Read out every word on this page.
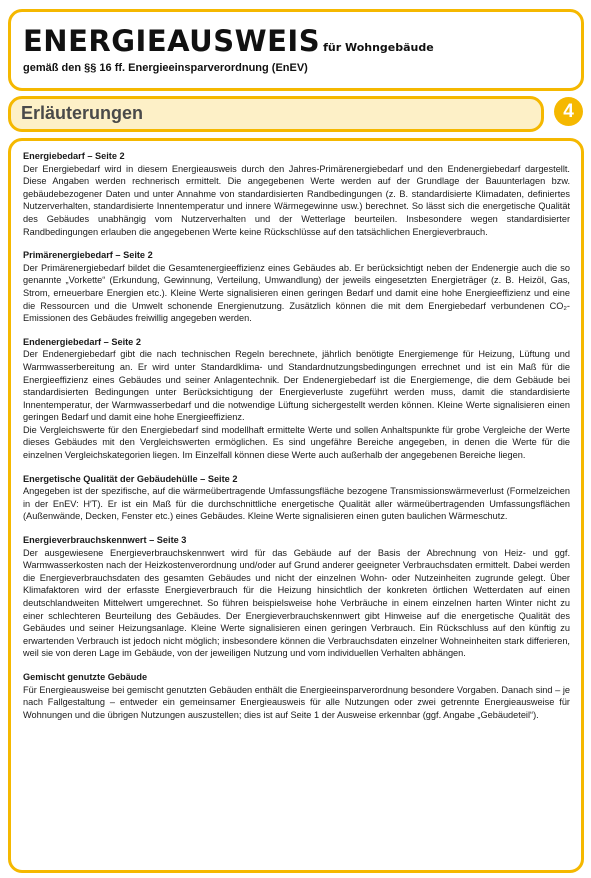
ENERGIEAUSWEIS für Wohngebäude
gemäß den §§ 16 ff. Energieeinsparverordnung (EnEV)
Erläuterungen	4
Energiebedarf – Seite 2

Der Energiebedarf wird in diesem Energieausweis durch den Jahres-Primärenergiebedarf und den Endenergiebedarf dargestellt. Diese Angaben werden rechnerisch ermittelt. Die angegebenen Werte werden auf der Grundlage der Bauunterlagen bzw. gebäudebezogener Daten und unter Annahme von standardisierten Randbedingungen (z. B. standardisierte Klimadaten, definiertes Nutzerverhalten, standardisierte Innentemperatur und innere Wärmegewinne usw.) berechnet. So lässt sich die energetische Qualität des Gebäudes unabhängig vom Nutzerverhalten und der Wetterlage beurteilen. Insbesondere wegen standardisierter Randbedingungen erlauben die angegebenen Werte keine Rückschlüsse auf den tatsächlichen Energieverbrauch.

Primärenergiebedarf – Seite 2

Der Primärenergiebedarf bildet die Gesamtenergieeffizienz eines Gebäudes ab. Er berücksichtigt neben der Endenergie auch die so genannte „Vorkette“ (Erkundung, Gewinnung, Verteilung, Umwandlung) der jeweils eingesetzten Energieträger (z. B. Heizöl, Gas, Strom, erneuerbare Energien etc.). Kleine Werte signalisieren einen geringen Bedarf und damit eine hohe Energieeffizienz und eine die Ressourcen und die Umwelt schonende Energienutzung. Zusätzlich können die mit dem Energiebedarf verbundenen CO₂-Emissionen des Gebäudes freiwillig angegeben werden.

Endenergiebedarf – Seite 2

Der Endenergiebedarf gibt die nach technischen Regeln berechnete, jährlich benötigte Energiemenge für Heizung, Lüftung und Warmwasserbereitung an. Er wird unter Standardklima- und Standardnutzungsbedingungen errechnet und ist ein Maß für die Energieeffizienz eines Gebäudes und seiner Anlagentechnik. Der Endenergiebedarf ist die Energiemenge, die dem Gebäude bei standardisierten Bedingungen unter Berücksichtigung der Energieverluste zugeführt werden muss, damit die standardisierte Innentemperatur, der Warmwasserbedarf und die notwendige Lüftung sichergestellt werden können. Kleine Werte signalisieren einen geringen Bedarf und damit eine hohe Energieeffizienz.

Die Vergleichswerte für den Energiebedarf sind modellhaft ermittelte Werte und sollen Anhaltspunkte für grobe Vergleiche der Werte dieses Gebäudes mit den Vergleichswerten ermöglichen. Es sind ungefähre Bereiche angegeben, in denen die Werte für die einzelnen Vergleichskategorien liegen. Im Einzelfall können diese Werte auch außerhalb der angegebenen Bereiche liegen.

Energetische Qualität der Gebäudehülle – Seite 2

Angegeben ist der spezifische, auf die wärmeübertragende Umfassungsfläche bezogene Transmissionswärmeverlust (Formelzeichen in der EnEV: H′T). Er ist ein Maß für die durchschnittliche energetische Qualität aller wärmeübertragenden Umfassungsflächen (Außenwände, Decken, Fenster etc.) eines Gebäudes. Kleine Werte signalisieren einen guten baulichen Wärmeschutz.

Energieverbrauchskennwert – Seite 3

Der ausgewiesene Energieverbrauchskennwert wird für das Gebäude auf der Basis der Abrechnung von Heiz- und ggf. Warmwasserkosten nach der Heizkostenverordnung und/oder auf Grund anderer geeigneter Verbrauchsdaten ermittelt. Dabei werden die Energieverbrauchsdaten des gesamten Gebäudes und nicht der einzelnen Wohn- oder Nutzeinheiten zugrunde gelegt. Über Klimafaktoren wird der erfasste Energieverbrauch für die Heizung hinsichtlich der konkreten örtlichen Wetterdaten auf einen deutschlandweiten Mittelwert umgerechnet. So führen beispielsweise hohe Verbräuche in einem einzelnen harten Winter nicht zu einer schlechteren Beurteilung des Gebäudes. Der Energieverbrauchskennwert gibt Hinweise auf die energetische Qualität des Gebäudes und seiner Heizungsanlage. Kleine Werte signalisieren einen geringen Verbrauch. Ein Rückschluss auf den künftig zu erwartenden Verbrauch ist jedoch nicht möglich; insbesondere können die Verbrauchsdaten einzelner Wohneinheiten stark differieren, weil sie von deren Lage im Gebäude, von der jeweiligen Nutzung und vom individuellen Verhalten abhängen.

Gemischt genutzte Gebäude

Für Energieausweise bei gemischt genutzten Gebäuden enthält die Energieeinsparverordnung besondere Vorgaben. Danach sind – je nach Fallgestaltung – entweder ein gemeinsamer Energieausweis für alle Nutzungen oder zwei getrennte Energieausweise für Wohnungen und die übrigen Nutzungen auszustellen; dies ist auf Seite 1 der Ausweise erkennbar (ggf. Angabe „Gebäudeteil“).
